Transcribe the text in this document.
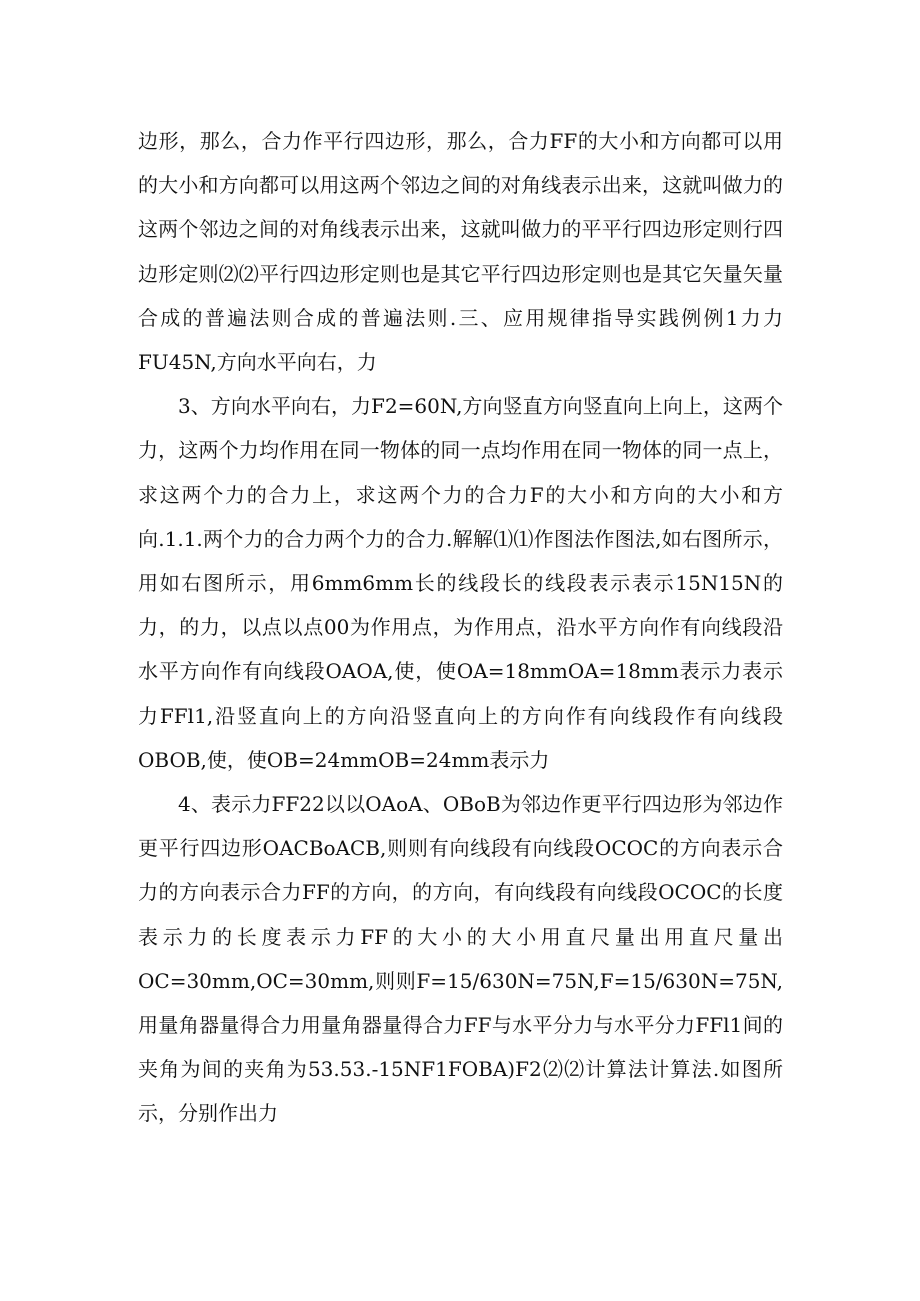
边形，那么，合力作平行四边形，那么，合力FF的大小和方向都可以用的大小和方向都可以用这两个邻边之间的对角线表示出来，这就叫做力的这两个邻边之间的对角线表示出来，这就叫做力的平平行四边形定则行四边形定则⑵⑵平行四边形定则也是其它平行四边形定则也是其它矢量矢量合成的普遍法则合成的普遍法则.三、应用规律指导实践例例1力力FU45N,方向水平向右，力

3、方向水平向右，力F2=60N,方向竖直方向竖直向上向上，这两个力，这两个力均作用在同一物体的同一点均作用在同一物体的同一点上，求这两个力的合力上，求这两个力的合力F的大小和方向的大小和方向.1.1.两个力的合力两个力的合力.解解⑴⑴作图法作图法,如右图所示，用如右图所示，用6mm6mm长的线段长的线段表示表示15N15N的力，的力，以点以点00为作用点，为作用点，沿水平方向作有向线段沿水平方向作有向线段OAOA,使，使OA=18mmOA=18mm表示力表示力FFl1,沿竖直向上的方向沿竖直向上的方向作有向线段作有向线段OBOB,使，使OB=24mmOB=24mm表示力

4、表示力FF22以以OAoA、OBoB为邻边作更平行四边形为邻边作更平行四边形OACBoACB,则则有向线段有向线段OCOC的方向表示合力的方向表示合力FF的方向，的方向，有向线段有向线段OCOC的长度表示力的长度表示力FF的大小的大小用直尺量出用直尺量出OC=30mm,OC=30mm,则则F=15∕630N=75N,F=15∕630N=75N,用量角器量得合力用量角器量得合力FF与水平分力与水平分力FFl1间的夹角为间的夹角为53.53.-15NF1FOBA)F2⑵⑵计算法计算法.如图所示，分别作出力
